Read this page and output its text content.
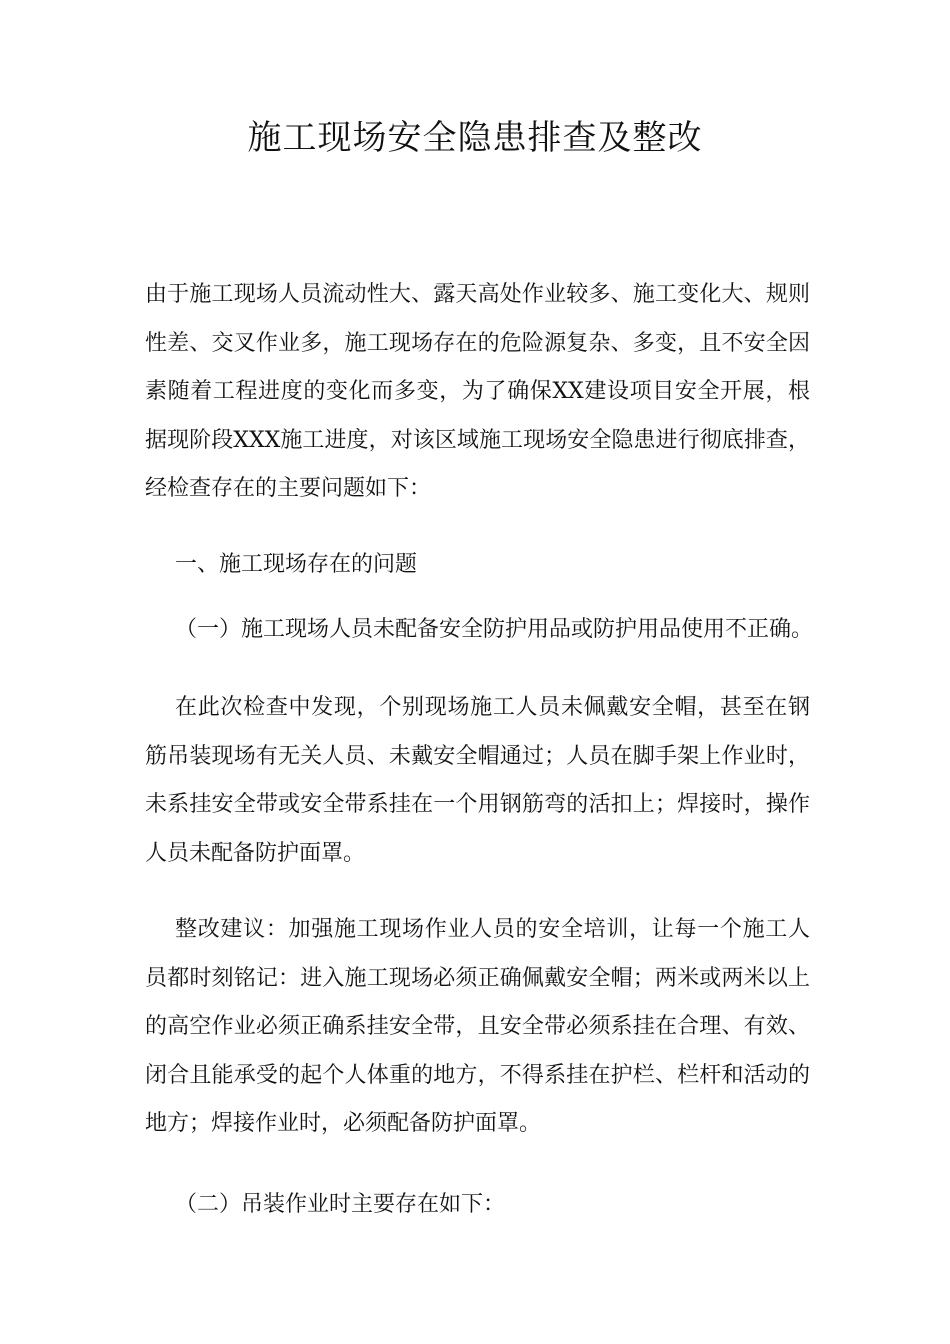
施工现场安全隐患排查及整改

由于施工现场人员流动性大、露天高处作业较多、施工变化大、规则性差、交叉作业多，施工现场存在的危险源复杂、多变，且不安全因素随着工程进度的变化而多变，为了确保XX建设项目安全开展，根据现阶段XXX施工进度，对该区域施工现场安全隐患进行彻底排查，经检查存在的主要问题如下：

一、施工现场存在的问题

（一）施工现场人员未配备安全防护用品或防护用品使用不正确。

在此次检查中发现，个别现场施工人员未佩戴安全帽，甚至在钢筋吊装现场有无关人员、未戴安全帽通过；人员在脚手架上作业时，未系挂安全带或安全带系挂在一个用钢筋弯的活扣上；焊接时，操作人员未配备防护面罩。

整改建议：加强施工现场作业人员的安全培训，让每一个施工人员都时刻铭记：进入施工现场必须正确佩戴安全帽；两米或两米以上的高空作业必须正确系挂安全带，且安全带必须系挂在合理、有效、闭合且能承受的起个人体重的地方，不得系挂在护栏、栏杆和活动的地方；焊接作业时，必须配备防护面罩。

（二）吊装作业时主要存在如下：
